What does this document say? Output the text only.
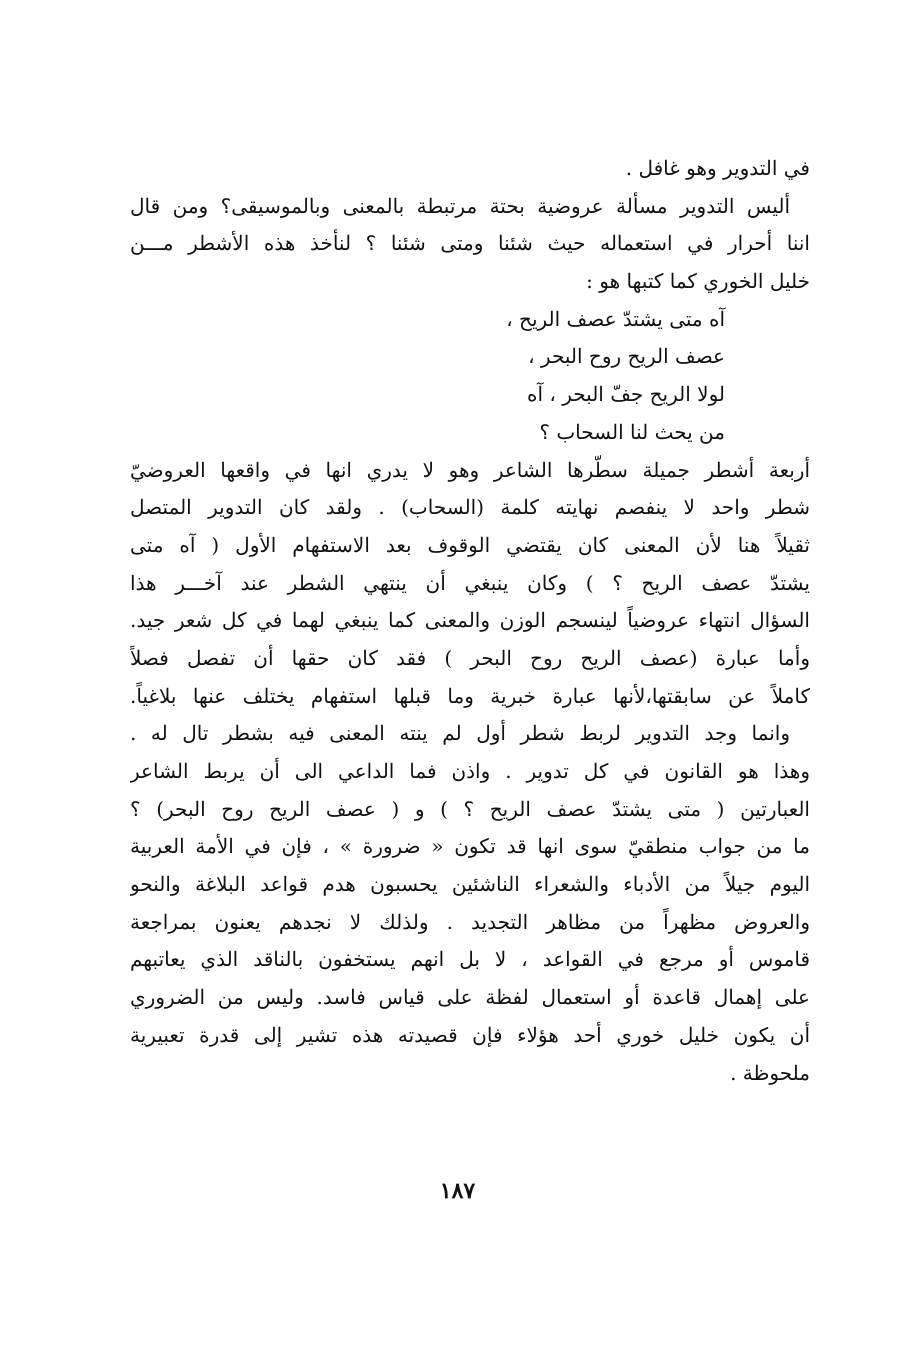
في التدوير وهو غافل .
أليس التدوير مسألة عروضية بحتة مرتبطة بالمعنى وبالموسيقى؟ ومن قال
اننا أحرار في استعماله حيث شئنا ومتى شئنا ؟ لنأخذ هذه الأشطر مـــن
خليل الخوري كما كتبها هو :
آه متى يشتدّ عصف الريح ،
عصف الريح روح البحر ،
لولا الريح جفّ البحر ، آه
من يحث لنا السحاب ؟
أربعة أشطر جميلة سطّرها الشاعر وهو لا يدري انها في واقعها العروضيّ
شطر واحد لا ينفصم نهايته كلمة (السحاب) . ولقد كان التدوير المتصل
ثقيلاً هنا لأن المعنى كان يقتضي الوقوف بعد الاستفهام الأول ( آه متى
يشتدّ عصف الريح ؟ ) وكان ينبغي أن ينتهي الشطر عند آخـــر هذا
السؤال انتهاء عروضياً لينسجم الوزن والمعنى كما ينبغي لهما في كل شعر جيد.
وأما عبارة (عصف الريح روح البحر ) فقد كان حقها أن تفصل فصلاً
كاملاً عن سابقتها،لأنها عبارة خبرية وما قبلها استفهام يختلف عنها بلاغياً.
وانما وجد التدوير لربط شطر أول لم ينته المعنى فيه بشطر تال له .
وهذا هو القانون في كل تدوير . واذن فما الداعي الى أن يربط الشاعر
العبارتين ( متى يشتدّ عصف الريح ؟ ) و ( عصف الريح روح البحر) ؟
ما من جواب منطقيّ سوى انها قد تكون « ضرورة » ، فإن في الأمة العربية
اليوم جيلاً من الأدباء والشعراء الناشئين يحسبون هدم قواعد البلاغة والنحو
والعروض مظهراً من مظاهر التجديد . ولذلك لا نجدهم يعنون بمراجعة
قاموس أو مرجع في القواعد ، لا بل انهم يستخفون بالناقد الذي يعاتبهم
على إهمال قاعدة أو استعمال لفظة على قياس فاسد. وليس من الضروري
أن يكون خليل خوري أحد هؤلاء فإن قصيدته هذه تشير إلى قدرة تعبيرية
ملحوظة .
١٨٧
